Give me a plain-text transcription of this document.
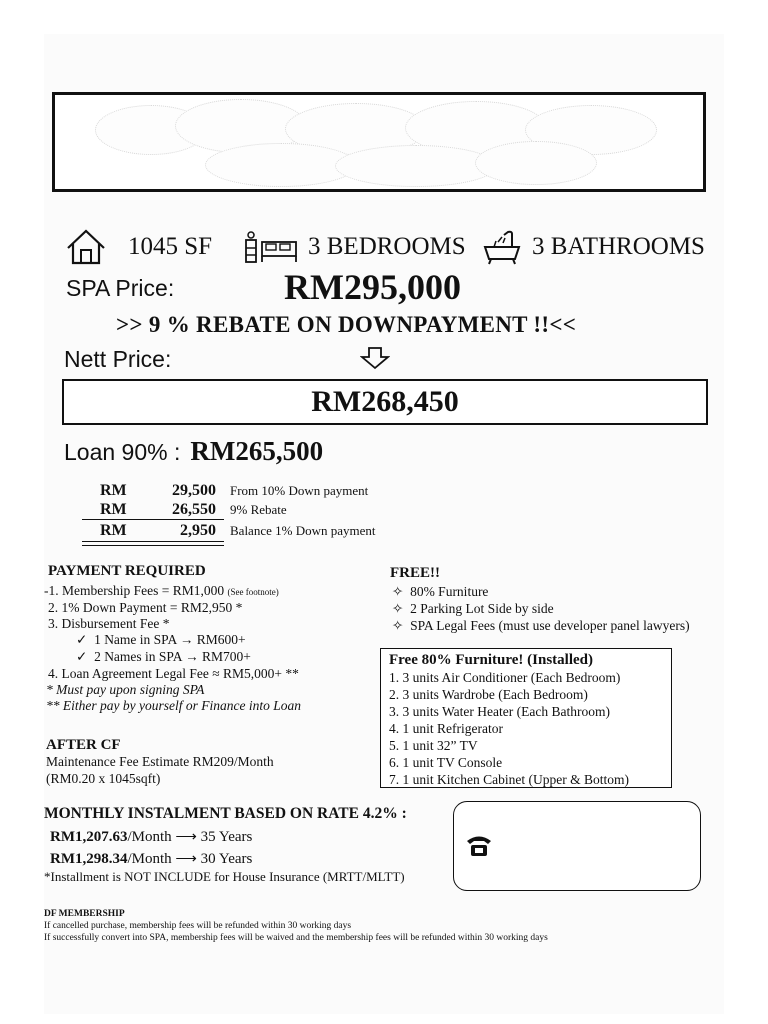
1045 SF	3 BEDROOMS	3 BATHROOMS
SPA Price:	RM295,000
>> 9 % REBATE ON DOWNPAYMENT !!<<
Nett Price:
RM268,450
Loan 90% : RM265,500
RM	29,500 From 10% Down payment
RM	26,550 9% Rebate
RM	2,950 Balance 1% Down payment
PAYMENT REQUIRED
-1. Membership Fees = RM1,000 (See footnote)
2. 1% Down Payment = RM2,950 *
3. Disbursement Fee *
✓ 1 Name in SPA → RM600+
✓ 2 Names in SPA → RM700+
4. Loan Agreement Legal Fee ≈ RM5,000+ **
* Must pay upon signing SPA
** Either pay by yourself or Finance into Loan
AFTER CF
Maintenance Fee Estimate RM209/Month
(RM0.20 x 1045sqft)
FREE!!
✧ 80% Furniture
✧ 2 Parking Lot Side by side
✧ SPA Legal Fees (must use developer panel lawyers)
Free 80% Furniture! (Installed)
1. 3 units Air Conditioner (Each Bedroom)
2. 3 units Wardrobe (Each Bedroom)
3. 3 units Water Heater (Each Bathroom)
4. 1 unit Refrigerator
5. 1 unit 32” TV
6. 1 unit TV Console
7. 1 unit Kitchen Cabinet (Upper & Bottom)
MONTHLY INSTALMENT BASED ON RATE 4.2% :
RM1,207.63/Month ⟶ 35 Years
RM1,298.34/Month ⟶ 30 Years
*Installment is NOT INCLUDE for House Insurance (MRTT/MLTT)
DF MEMBERSHIP
If cancelled purchase, membership fees will be refunded within 30 working days
If successfully convert into SPA, membership fees will be waived and the membership fees will be refunded within 30 working days
